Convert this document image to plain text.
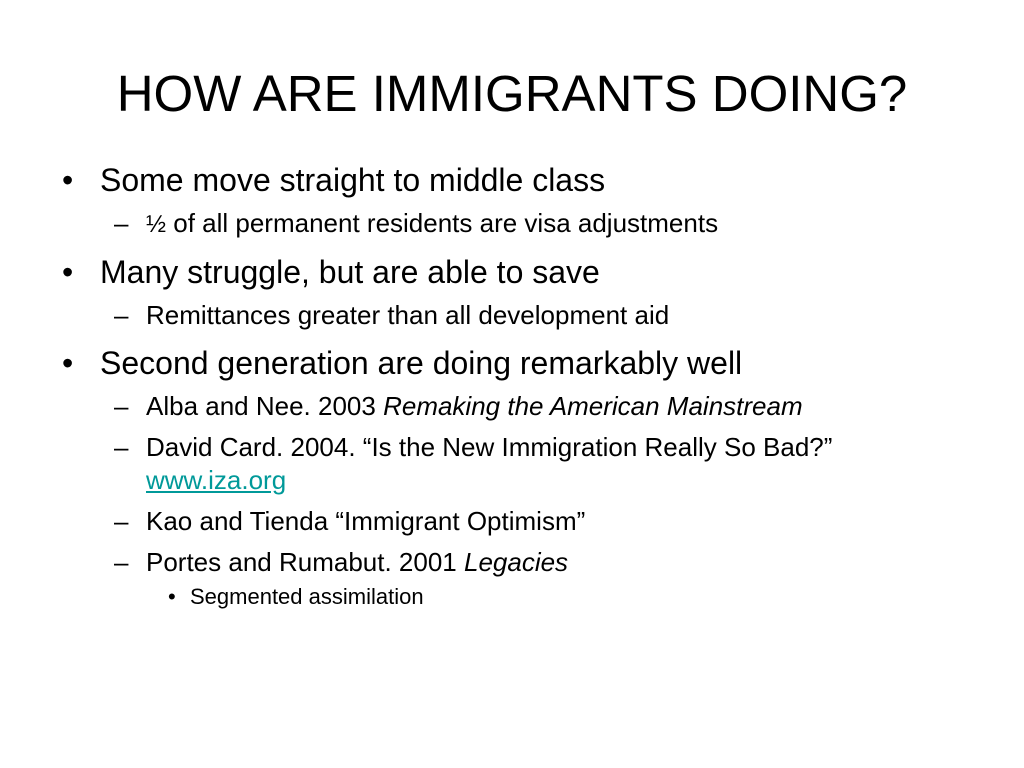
HOW ARE IMMIGRANTS DOING?
• Some move straight to middle class
– ½ of all permanent residents are visa adjustments
• Many struggle, but are able to save
– Remittances greater than all development aid
• Second generation are doing remarkably well
– Alba and Nee. 2003 Remaking the American Mainstream
– David Card. 2004. “Is the New Immigration Really So Bad?” www.iza.org
– Kao and Tienda “Immigrant Optimism”
– Portes and Rumabut. 2001 Legacies
• Segmented assimilation
